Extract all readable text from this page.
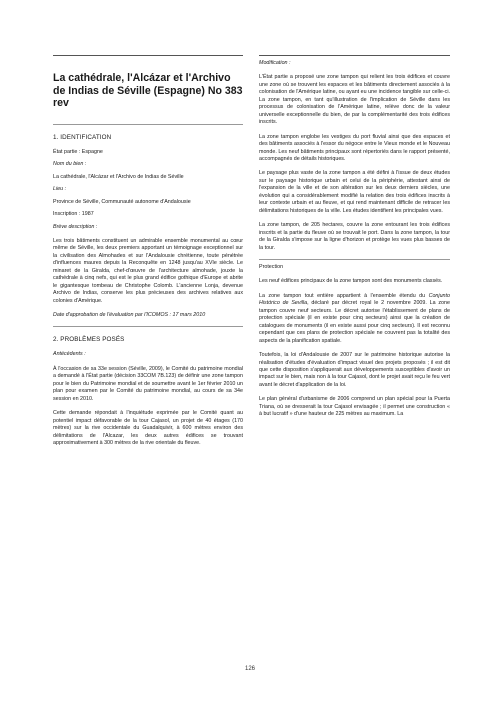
La cathédrale, l'Alcázar et l'Archivo de Indias de Séville (Espagne) No 383 rev
1. IDENTIFICATION

État partie : Espagne

Nom du bien :

La cathédrale, l'Alcázar et l'Archivo de Indias de Séville

Lieu :

Province de Séville, Communauté autonome d'Andalousie

Inscription : 1987

Brève description :

Les trois bâtiments constituent un admirable ensemble monumental au cœur même de Séville, les deux premiers apportant un témoignage exceptionnel sur la civilisation des Almohades et sur l'Andalousie chrétienne, toute pénétrée d'influences maures depuis la Reconquête en 1248 jusqu'au XVIe siècle. Le minaret de la Giralda, chef-d'œuvre de l'architecture almohade, jouxte la cathédrale à cinq nefs, qui est le plus grand édifice gothique d'Europe et abrite le gigantesque tombeau de Christophe Colomb. L'ancienne Lonja, devenue Archivo de Indias, conserve les plus précieuses des archives relatives aux colonies d'Amérique.

Date d'approbation de l'évaluation par l'ICOMOS : 17 mars 2010

2. PROBLÈMES POSÉS

Antécédents :

À l'occasion de sa 33e session (Séville, 2009), le Comité du patrimoine mondial a demandé à l'État partie (décision 33COM 7B.123) de définir une zone tampon pour le bien du Patrimoine mondial et de soumettre avant le 1er février 2010 un plan pour examen par le Comité du patrimoine mondial, au cours de sa 34e session en 2010.

Cette demande répondait à l'inquiétude exprimée par le Comité quant au potentiel impact défavorable de la tour Cajasol, un projet de 40 étages (170 mètres) sur la rive occidentale du Guadalquivir, à 600 mètres environ des délimitations de l'Alcazar, les deux autres édifices se trouvant approximativement à 300 mètres de la rive orientale du fleuve.

Modification :

L'État partie a proposé une zone tampon qui relient les trois édifices et couvre une zone où se trouvent les espaces et les bâtiments directement associés à la colonisation de l'Amérique latine, ou ayant eu une incidence tangible sur celle-ci. La zone tampon, en tant qu'illustration de l'implication de Séville dans les processus de colonisation de l'Amérique latine, relève donc de la valeur universelle exceptionnelle du bien, de par la complémentarité des trois édifices inscrits.

La zone tampon englobe les vestiges du port fluvial ainsi que des espaces et des bâtiments associés à l'essor du négoce entre le Vieux monde et le Nouveau monde. Les neuf bâtiments principaux sont répertoriés dans le rapport présenté, accompagnés de détails historiques.

Le paysage plus vaste de la zone tampon a été défini à l'issue de deux études sur le paysage historique urbain et celui de la périphérie, attestant ainsi de l'expansion de la ville et de son altération sur les deux derniers siècles, une évolution qui a considérablement modifié la relation des trois édifices inscrits à leur contexte urbain et au fleuve, et qui rend maintenant difficile de retracer les délimitations historiques de la ville. Les études identifient les principales vues.

La zone tampon, de 205 hectares, couvre la zone entourant les trois édifices inscrits et la partie du fleuve où se trouvait le port. Dans la zone tampon, la tour de la Giralda s'impose sur la ligne d'horizon et protège les vues plus basses de la tour.

Protection

Les neuf édifices principaux de la zone tampon sont des monuments classés.

La zone tampon tout entière appartient à l'ensemble étendu du Conjunto Histórico de Sevilla, déclaré par décret royal le 2 novembre 2009. La zone tampon couvre neuf secteurs. Le décret autorise l'établissement de plans de protection spéciale (il en existe pour cinq secteurs) ainsi que la création de catalogues de monuments (il en existe aussi pour cinq secteurs). Il est reconnu cependant que ces plans de protection spéciale ne couvrent pas la totalité des aspects de la planification spatiale.

Toutefois, la loi d'Andalousie de 2007 sur le patrimoine historique autorise la réalisation d'études d'évaluation d'impact visuel des projets proposés ; il est dit que cette disposition s'appliquerait aux développements susceptibles d'avoir un impact sur le bien, mais non à la tour Cajasol, dont le projet avait reçu le feu vert avant le décret d'application de la loi.

Le plan général d'urbanisme de 2006 comprend un plan spécial pour la Puerta Triana, où se dresserait la tour Cajasol envisagée ; il permet une construction « à but lucratif » d'une hauteur de 225 mètres au maximum. La

126
